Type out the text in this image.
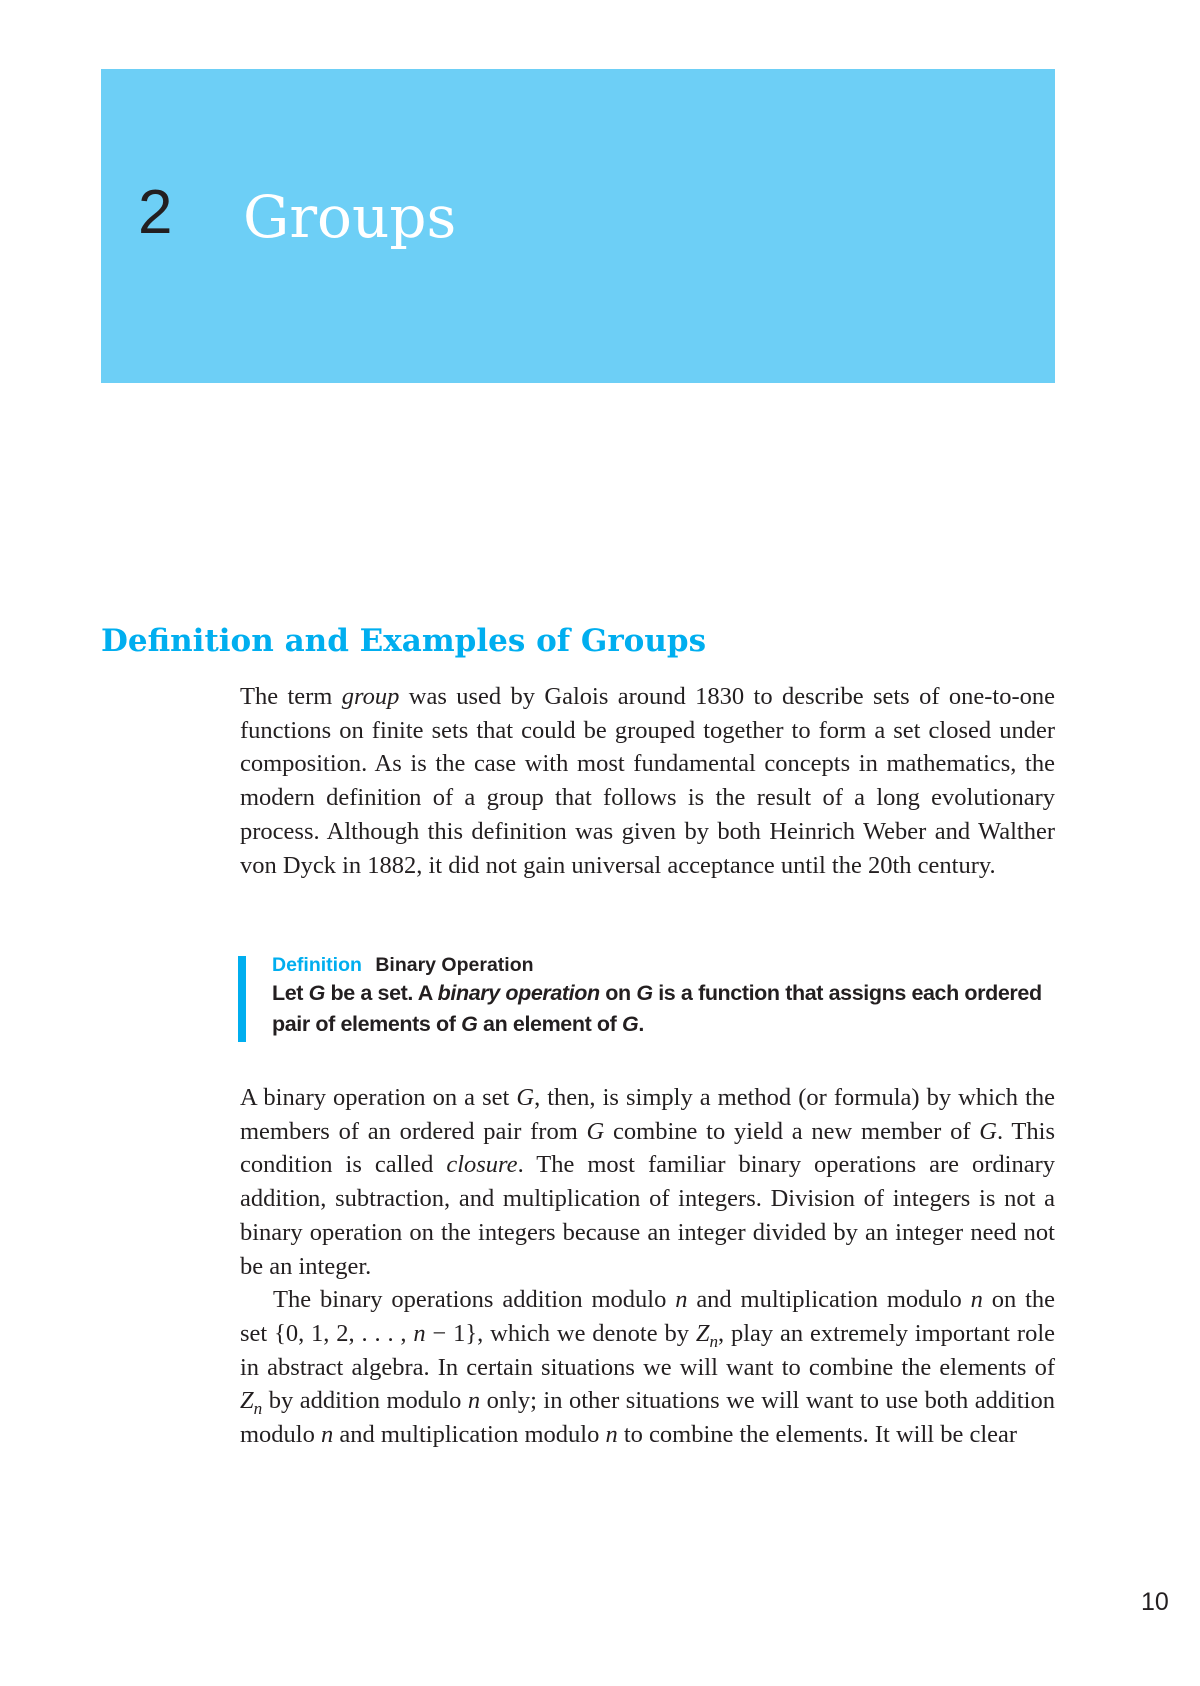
2 Groups
Definition and Examples of Groups

The term group was used by Galois around 1830 to describe sets of one-to-one functions on finite sets that could be grouped together to form a set closed under composition. As is the case with most fundamental concepts in mathematics, the modern definition of a group that follows is the result of a long evolutionary process. Although this definition was given by both Heinrich Weber and Walther von Dyck in 1882, it did not gain universal acceptance until the 20th century.

Definition Binary Operation
Let G be a set. A binary operation on G is a function that assigns each ordered pair of elements of G an element of G.

A binary operation on a set G, then, is simply a method (or formula) by which the members of an ordered pair from G combine to yield a new member of G. This condition is called closure. The most familiar binary operations are ordinary addition, subtraction, and multiplication of integers. Division of integers is not a binary operation on the integers because an integer divided by an integer need not be an integer.

The binary operations addition modulo n and multiplication modulo n on the set {0, 1, 2, . . . , n − 1}, which we denote by $Z_n$, play an extremely important role in abstract algebra. In certain situations we will want to combine the elements of $Z_n$ by addition modulo n only; in other situations we will want to use both addition modulo n and multiplication modulo n to combine the elements. It will be clear

10
